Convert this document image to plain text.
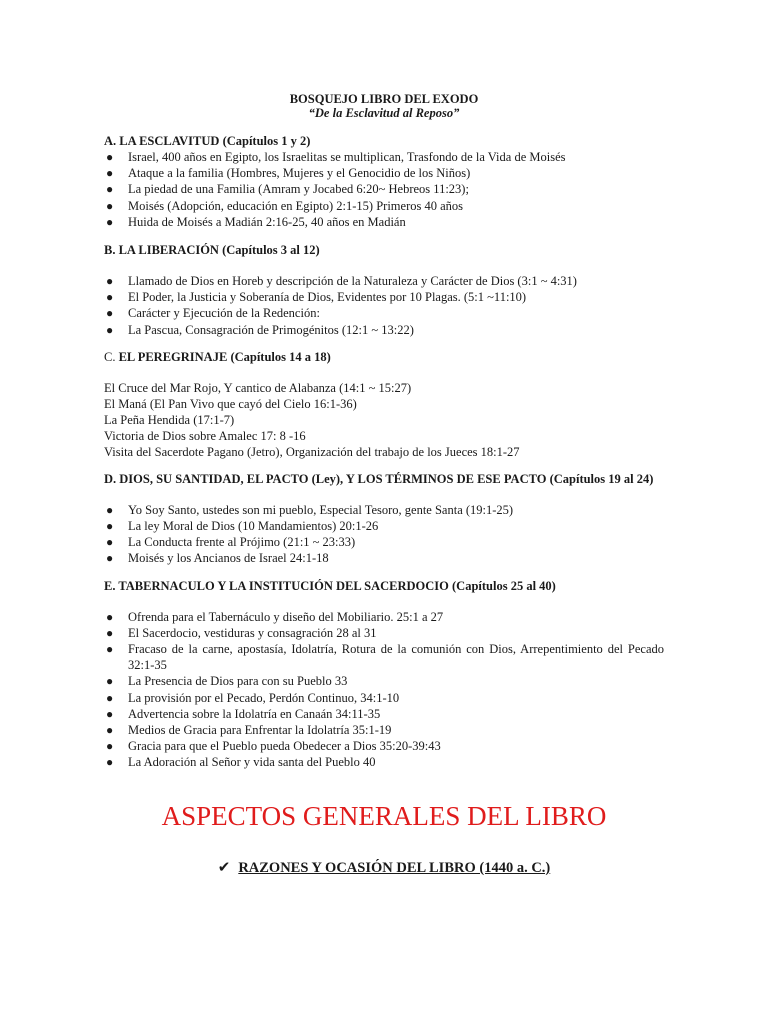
BOSQUEJO LIBRO DEL EXODO

“De la Esclavitud al Reposo”

A. LA ESCLAVITUD (Capítulos 1 y 2)
● Israel, 400 años en Egipto, los Israelitas se multiplican, Trasfondo de la Vida de Moisés
● Ataque a la familia (Hombres, Mujeres y el Genocidio de los Niños)
● La piedad de una Familia (Amram y Jocabed 6:20~ Hebreos 11:23);
● Moisés (Adopción, educación en Egipto) 2:1-15) Primeros 40 años
● Huida de Moisés a Madián 2:16-25, 40 años en Madián
B. LA LIBERACIÓN (Capítulos 3 al 12)
● Llamado de Dios en Horeb y descripción de la Naturaleza y Carácter de Dios (3:1 ~ 4:31)
● El Poder, la Justicia y Soberanía de Dios, Evidentes por 10 Plagas. (5:1 ~11:10)
● Carácter y Ejecución de la Redención:
● La Pascua, Consagración de Primogénitos (12:1 ~ 13:22)
C. EL PEREGRINAJE (Capítulos 14 a 18)
El Cruce del Mar Rojo, Y cantico de Alabanza (14:1 ~ 15:27)
El Maná (El Pan Vivo que cayó del Cielo 16:1-36)
La Peña Hendida (17:1-7)
Victoria de Dios sobre Amalec 17: 8 -16
Visita del Sacerdote Pagano (Jetro), Organización del trabajo de los Jueces 18:1-27
D. DIOS, SU SANTIDAD, EL PACTO (Ley), Y LOS TÉRMINOS DE ESE PACTO (Capítulos 19 al 24)
● Yo Soy Santo, ustedes son mi pueblo, Especial Tesoro, gente Santa (19:1-25)
● La ley Moral de Dios (10 Mandamientos) 20:1-26
● La Conducta frente al Prójimo (21:1 ~ 23:33)
● Moisés y los Ancianos de Israel 24:1-18
E. TABERNACULO Y LA INSTITUCIÓN DEL SACERDOCIO (Capítulos 25 al 40)
● Ofrenda para el Tabernáculo y diseño del Mobiliario. 25:1 a 27
● El Sacerdocio, vestiduras y consagración 28 al 31
● Fracaso de la carne, apostasía, Idolatría, Rotura de la comunión con Dios, Arrepentimiento del Pecado 32:1-35
● La Presencia de Dios para con su Pueblo 33
● La provisión por el Pecado, Perdón Continuo, 34:1-10
● Advertencia sobre la Idolatría en Canaán 34:11-35
● Medios de Gracia para Enfrentar la Idolatría 35:1-19
● Gracia para que el Pueblo pueda Obedecer a Dios 35:20-39:43
● La Adoración al Señor y vida santa del Pueblo 40
ASPECTOS GENERALES DEL LIBRO
✔ RAZONES Y OCASIÓN DEL LIBRO (1440 a. C.)
